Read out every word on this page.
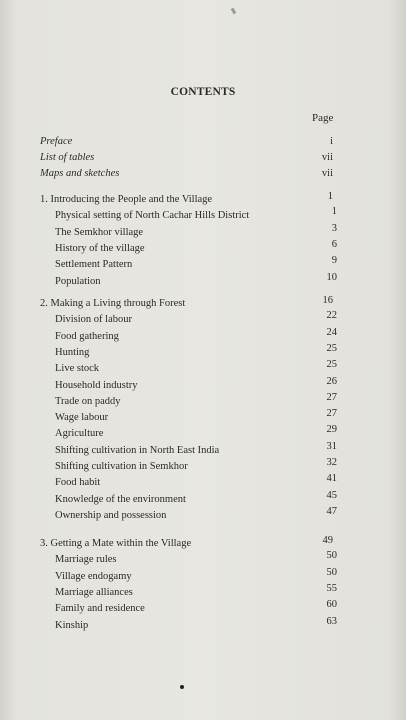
CONTENTS
Page
Preface	i
List of tables	vii
Maps and sketches	vii
1. Introducing the People and the Village	1
Physical setting of North Cachar Hills District	1
The Semkhor village	3
History of the village	6
Settlement Pattern	9
Population	10
2. Making a Living through Forest	16
Division of labour	22
Food gathering	24
Hunting	25
Live stock	25
Household industry	26
Trade on paddy	27
Wage labour	27
Agriculture	29
Shifting cultivation in North East India	31
Shifting cultivation in Semkhor	32
Food habit	41
Knowledge of the environment	45
Ownership and possession	47
3. Getting a Mate within the Village	49
Marriage rules	50
Village endogamy	50
Marriage alliances	55
Family and residence	60
Kinship	63
